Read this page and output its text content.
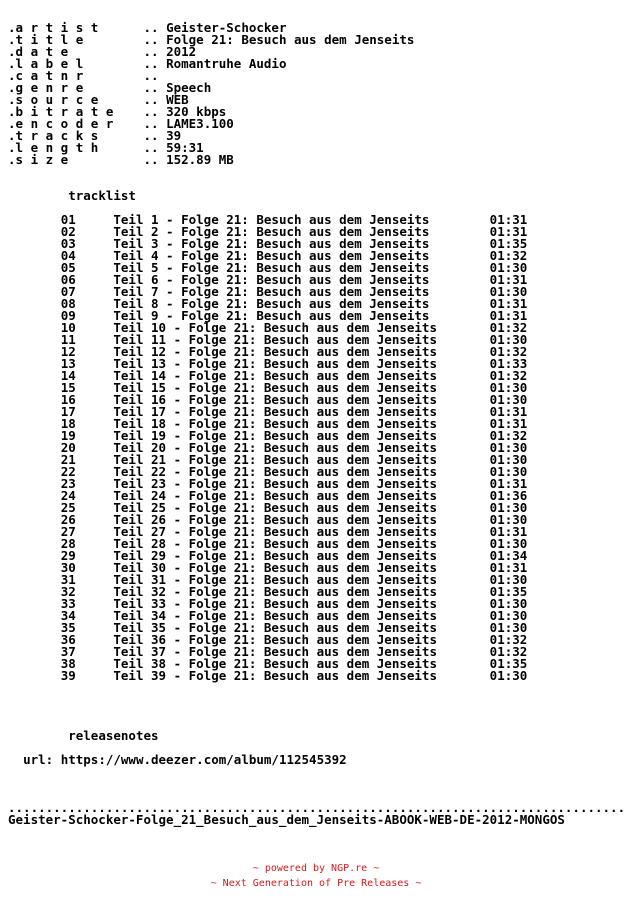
.a r t i s t      .. Geister-Schocker
.t i t l e        .. Folge 21: Besuch aus dem Jenseits
.d a t e          .. 2012
.l a b e l        .. Romantruhe Audio
.c a t n r        ..
.g e n r e        .. Speech
.s o u r c e      .. WEB
.b i t r a t e    .. 320 kbps
.e n c o d e r    .. LAME3.100
.t r a c k s      .. 39
.l e n g t h      .. 59:31
.s i z e          .. 152.89 MB

tracklist

01     Teil 1 - Folge 21: Besuch aus dem Jenseits        01:31
02     Teil 2 - Folge 21: Besuch aus dem Jenseits        01:31
03     Teil 3 - Folge 21: Besuch aus dem Jenseits        01:35
04     Teil 4 - Folge 21: Besuch aus dem Jenseits        01:32
05     Teil 5 - Folge 21: Besuch aus dem Jenseits        01:30
06     Teil 6 - Folge 21: Besuch aus dem Jenseits        01:31
07     Teil 7 - Folge 21: Besuch aus dem Jenseits        01:30
08     Teil 8 - Folge 21: Besuch aus dem Jenseits        01:31
09     Teil 9 - Folge 21: Besuch aus dem Jenseits        01:31
10     Teil 10 - Folge 21: Besuch aus dem Jenseits       01:32
11     Teil 11 - Folge 21: Besuch aus dem Jenseits       01:30
12     Teil 12 - Folge 21: Besuch aus dem Jenseits       01:32
13     Teil 13 - Folge 21: Besuch aus dem Jenseits       01:33
14     Teil 14 - Folge 21: Besuch aus dem Jenseits       01:32
15     Teil 15 - Folge 21: Besuch aus dem Jenseits       01:30
16     Teil 16 - Folge 21: Besuch aus dem Jenseits       01:30
17     Teil 17 - Folge 21: Besuch aus dem Jenseits       01:31
18     Teil 18 - Folge 21: Besuch aus dem Jenseits       01:31
19     Teil 19 - Folge 21: Besuch aus dem Jenseits       01:32
20     Teil 20 - Folge 21: Besuch aus dem Jenseits       01:30
21     Teil 21 - Folge 21: Besuch aus dem Jenseits       01:30
22     Teil 22 - Folge 21: Besuch aus dem Jenseits       01:30
23     Teil 23 - Folge 21: Besuch aus dem Jenseits       01:31
24     Teil 24 - Folge 21: Besuch aus dem Jenseits       01:36
25     Teil 25 - Folge 21: Besuch aus dem Jenseits       01:30
26     Teil 26 - Folge 21: Besuch aus dem Jenseits       01:30
27     Teil 27 - Folge 21: Besuch aus dem Jenseits       01:31
28     Teil 28 - Folge 21: Besuch aus dem Jenseits       01:30
29     Teil 29 - Folge 21: Besuch aus dem Jenseits       01:34
30     Teil 30 - Folge 21: Besuch aus dem Jenseits       01:31
31     Teil 31 - Folge 21: Besuch aus dem Jenseits       01:30
32     Teil 32 - Folge 21: Besuch aus dem Jenseits       01:35
33     Teil 33 - Folge 21: Besuch aus dem Jenseits       01:30
34     Teil 34 - Folge 21: Besuch aus dem Jenseits       01:30
35     Teil 35 - Folge 21: Besuch aus dem Jenseits       01:30
36     Teil 36 - Folge 21: Besuch aus dem Jenseits       01:32
37     Teil 37 - Folge 21: Besuch aus dem Jenseits       01:32
38     Teil 38 - Folge 21: Besuch aus dem Jenseits       01:35
39     Teil 39 - Folge 21: Besuch aus dem Jenseits       01:30

releasenotes

url: https://www.deezer.com/album/112545392

..................................................................................
Geister-Schocker-Folge_21_Besuch_aus_dem_Jenseits-ABOOK-WEB-DE-2012-MONGOS
~ powered by NGP.re ~
~ Next Generation of Pre Releases ~
